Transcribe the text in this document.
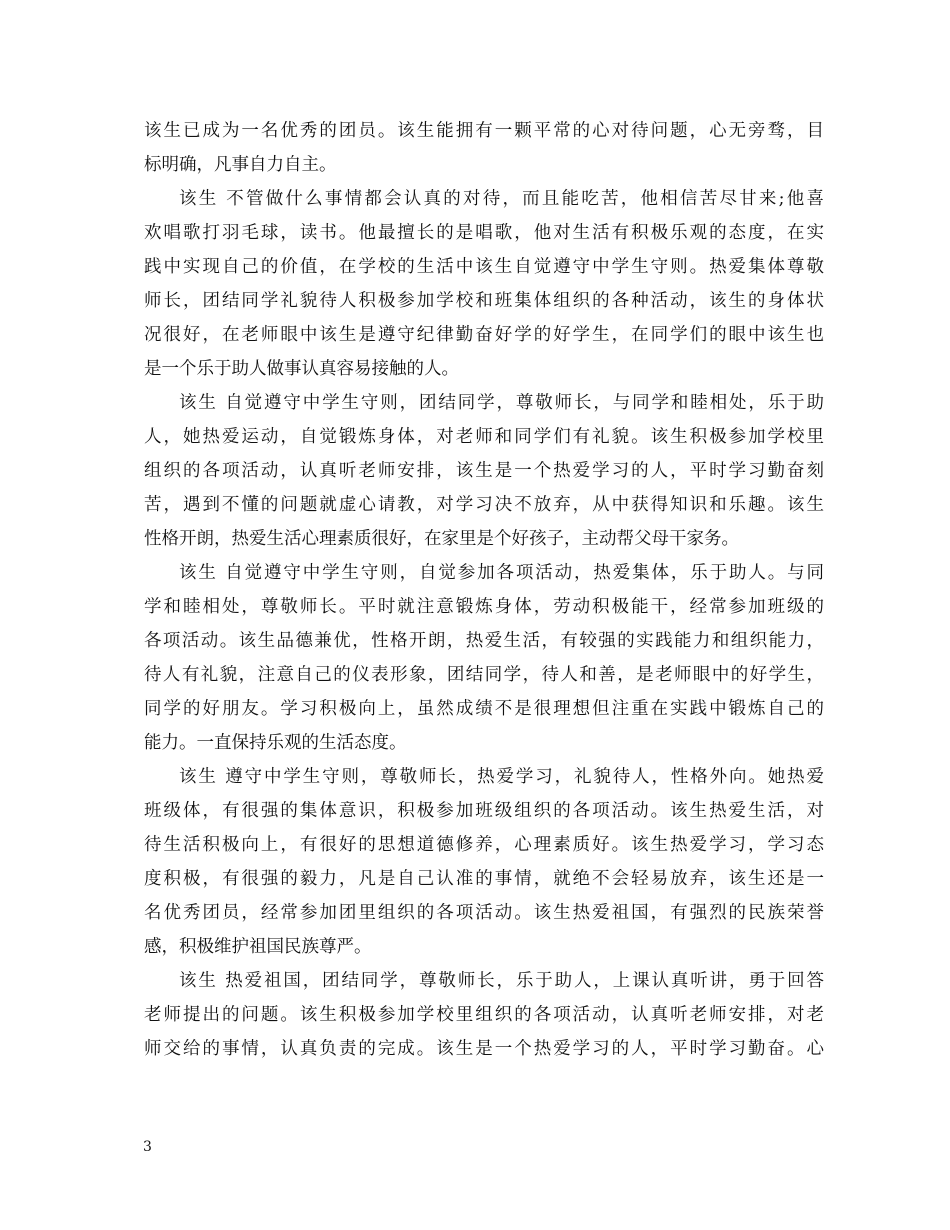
该生已成为一名优秀的团员。该生能拥有一颗平常的心对待问题，心无旁骛，目
标明确，凡事自力自主。
该生 不管做什么事情都会认真的对待，而且能吃苦，他相信苦尽甘来;他喜
欢唱歌打羽毛球，读书。他最擅长的是唱歌，他对生活有积极乐观的态度，在实
践中实现自己的价值，在学校的生活中该生自觉遵守中学生守则。热爱集体尊敬
师长，团结同学礼貌待人积极参加学校和班集体组织的各种活动，该生的身体状
况很好，在老师眼中该生是遵守纪律勤奋好学的好学生，在同学们的眼中该生也
是一个乐于助人做事认真容易接触的人。
该生 自觉遵守中学生守则，团结同学，尊敬师长，与同学和睦相处，乐于助
人，她热爱运动，自觉锻炼身体，对老师和同学们有礼貌。该生积极参加学校里
组织的各项活动，认真听老师安排，该生是一个热爱学习的人，平时学习勤奋刻
苦，遇到不懂的问题就虚心请教，对学习决不放弃，从中获得知识和乐趣。该生
性格开朗，热爱生活心理素质很好，在家里是个好孩子，主动帮父母干家务。
该生 自觉遵守中学生守则，自觉参加各项活动，热爱集体，乐于助人。与同
学和睦相处，尊敬师长。平时就注意锻炼身体，劳动积极能干，经常参加班级的
各项活动。该生品德兼优，性格开朗，热爱生活，有较强的实践能力和组织能力，
待人有礼貌，注意自己的仪表形象，团结同学，待人和善，是老师眼中的好学生，
同学的好朋友。学习积极向上，虽然成绩不是很理想但注重在实践中锻炼自己的
能力。一直保持乐观的生活态度。
该生 遵守中学生守则，尊敬师长，热爱学习，礼貌待人，性格外向。她热爱
班级体，有很强的集体意识，积极参加班级组织的各项活动。该生热爱生活，对
待生活积极向上，有很好的思想道德修养，心理素质好。该生热爱学习，学习态
度积极，有很强的毅力，凡是自己认准的事情，就绝不会轻易放弃，该生还是一
名优秀团员，经常参加团里组织的各项活动。该生热爱祖国，有强烈的民族荣誉
感，积极维护祖国民族尊严。
该生 热爱祖国，团结同学，尊敬师长，乐于助人，上课认真听讲，勇于回答
老师提出的问题。该生积极参加学校里组织的各项活动，认真听老师安排，对老
师交给的事情，认真负责的完成。该生是一个热爱学习的人，平时学习勤奋。心
3
